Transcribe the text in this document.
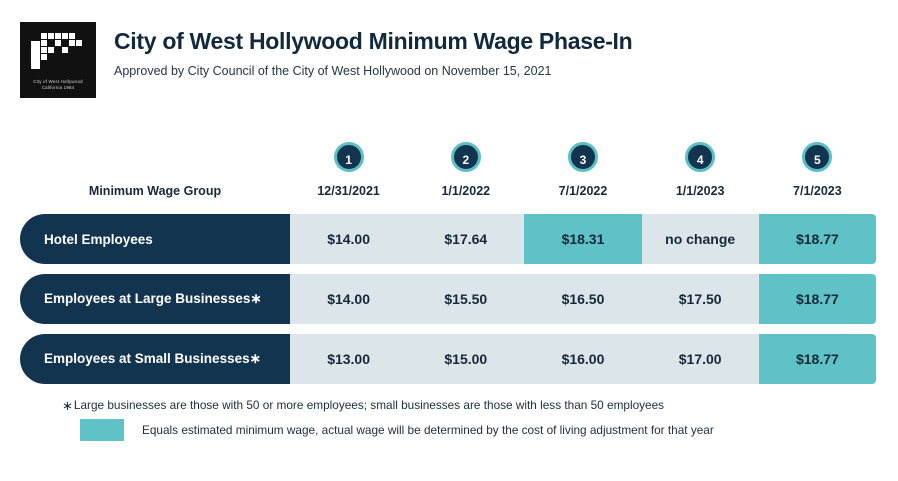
City of West Hollywood
California 1984
City of West Hollywood Minimum Wage Phase-In

Approved by City Council of the City of West Hollywood on November 15, 2021

	1	2	3	4	5
Minimum Wage Group	12/31/2021	1/1/2022	7/1/2022	1/1/2023	7/1/2023
Hotel Employees	$14.00	$17.64	$18.31	no change	$18.77

Employees at Large Businesses∗	$14.00	$15.50	$16.50	$17.50	$18.77

Employees at Small Businesses∗	$13.00	$15.00	$16.00	$17.00	$18.77
∗ Large businesses are those with 50 or more employees; small businesses are those with less than 50 employees
Equals estimated minimum wage, actual wage will be determined by the cost of living adjustment for that year
